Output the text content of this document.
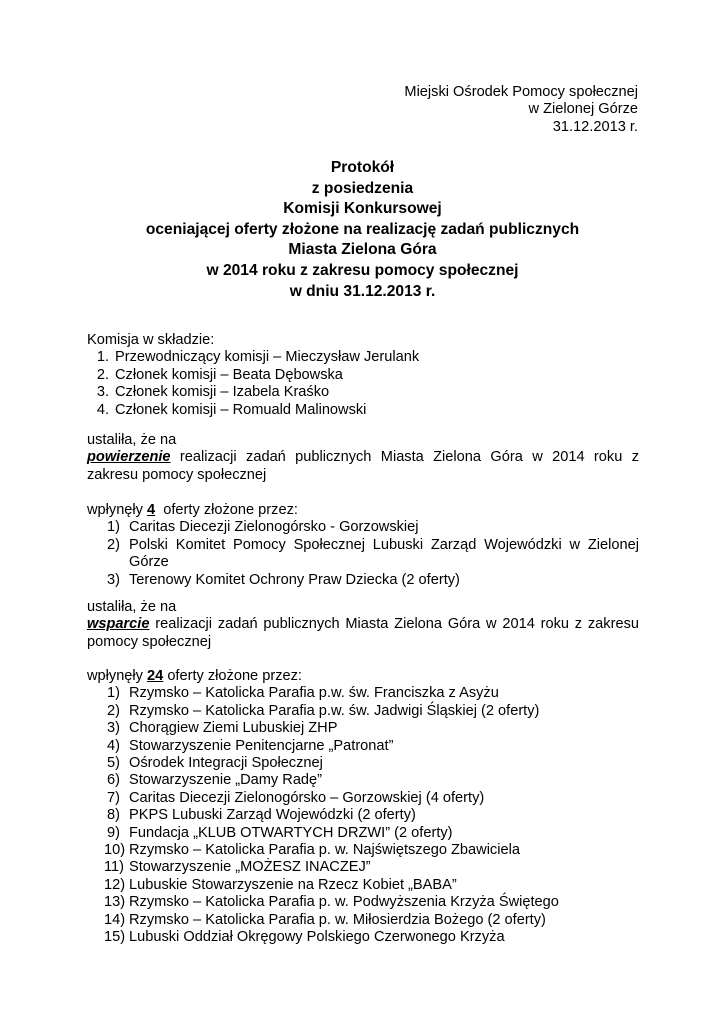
Miejski Ośrodek Pomocy społecznej
w Zielonej Górze
31.12.2013 r.
Protokół
z posiedzenia
Komisji Konkursowej
oceniającej oferty złożone na realizację zadań publicznych
Miasta Zielona Góra
w 2014 roku z zakresu pomocy społecznej
w dniu 31.12.2013 r.
Komisja w składzie:
1. Przewodniczący komisji – Mieczysław Jerulank
2. Członek komisji – Beata Dębowska
3. Członek komisji – Izabela Kraśko
4. Członek komisji – Romuald Malinowski
ustaliła, że na
powierzenie realizacji zadań publicznych Miasta Zielona Góra w 2014 roku z zakresu pomocy społecznej
wpłynęły 4  oferty złożone przez:
1) Caritas Diecezji Zielonogórsko - Gorzowskiej
2) Polski Komitet Pomocy Społecznej Lubuski Zarząd Wojewódzki w Zielonej Górze
3) Terenowy Komitet Ochrony Praw Dziecka (2 oferty)
ustaliła, że na
wsparcie realizacji zadań publicznych Miasta Zielona Góra w 2014 roku z zakresu pomocy społecznej
wpłynęły 24 oferty złożone przez:
1) Rzymsko – Katolicka Parafia p.w. św. Franciszka z Asyżu
2) Rzymsko – Katolicka Parafia p.w. św. Jadwigi Śląskiej (2 oferty)
3) Chorągiew Ziemi Lubuskiej ZHP
4) Stowarzyszenie Penitencjarne „Patronat”
5) Ośrodek Integracji Społecznej
6) Stowarzyszenie „Damy Radę”
7) Caritas Diecezji Zielonogórsko – Gorzowskiej (4 oferty)
8) PKPS Lubuski Zarząd Wojewódzki (2 oferty)
9) Fundacja „KLUB OTWARTYCH DRZWI” (2 oferty)
10) Rzymsko – Katolicka Parafia p. w. Najświętszego Zbawiciela
11) Stowarzyszenie „MOŻESZ INACZEJ”
12) Lubuskie Stowarzyszenie na Rzecz Kobiet „BABA”
13) Rzymsko – Katolicka Parafia p. w. Podwyższenia Krzyża Świętego
14) Rzymsko – Katolicka Parafia p. w. Miłosierdzia Bożego (2 oferty)
15) Lubuski Oddział Okręgowy Polskiego Czerwonego Krzyża
